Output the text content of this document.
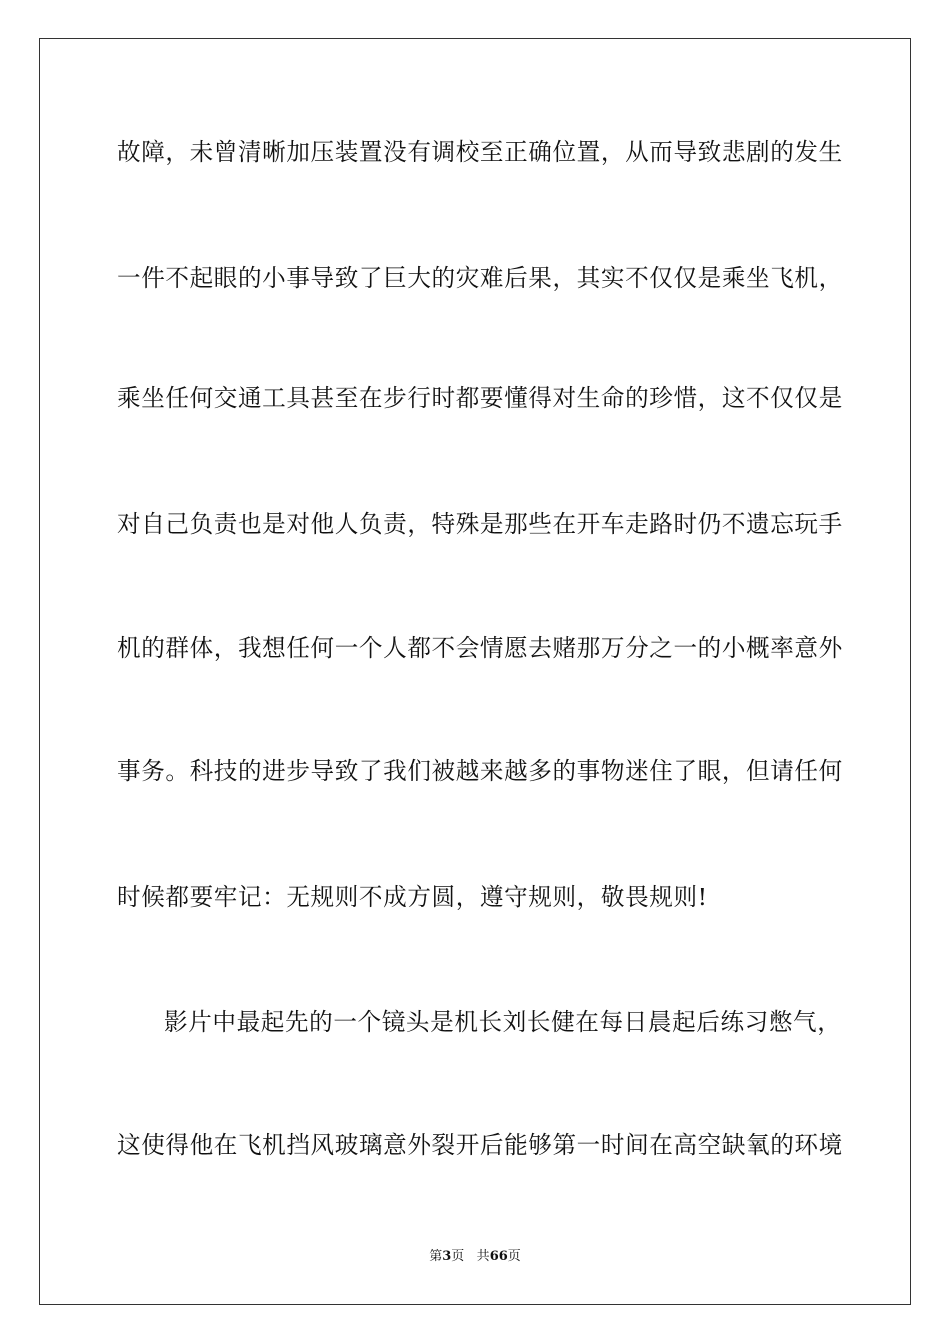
故障，未曾清晰加压装置没有调校至正确位置，从而导致悲剧的发生
一件不起眼的小事导致了巨大的灾难后果，其实不仅仅是乘坐飞机，
乘坐任何交通工具甚至在步行时都要懂得对生命的珍惜，这不仅仅是
对自己负责也是对他人负责，特殊是那些在开车走路时仍不遗忘玩手
机的群体，我想任何一个人都不会情愿去赌那万分之一的小概率意外
事务。科技的进步导致了我们被越来越多的事物迷住了眼，但请任何
时候都要牢记：无规则不成方圆，遵守规则，敬畏规则!
影片中最起先的一个镜头是机长刘长健在每日晨起后练习憋气，
这使得他在飞机挡风玻璃意外裂开后能够第一时间在高空缺氧的环境
第3页 共66页
